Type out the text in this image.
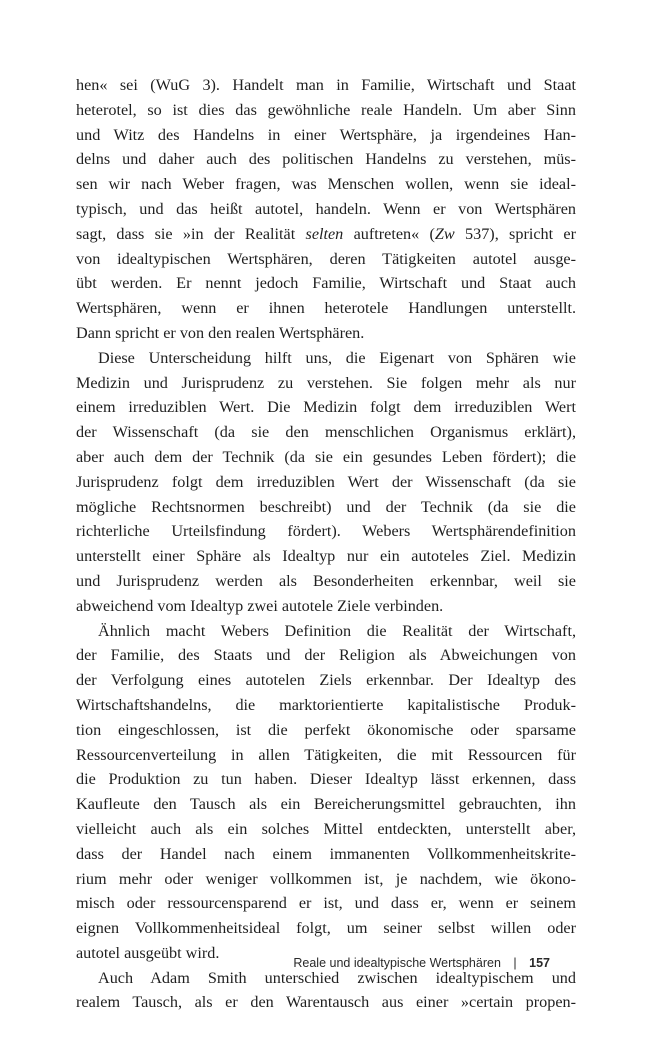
hen« sei (WuG 3). Handelt man in Familie, Wirtschaft und Staat
heterotel, so ist dies das gewöhnliche reale Handeln. Um aber Sinn
und Witz des Handelns in einer Wertsphäre, ja irgendeines Han-
delns und daher auch des politischen Handelns zu verstehen, müs-
sen wir nach Weber fragen, was Menschen wollen, wenn sie ideal-
typisch, und das heißt autotel, handeln. Wenn er von Wertsphären
sagt, dass sie »in der Realität selten auftreten« (Zw 537), spricht er
von idealtypischen Wertsphären, deren Tätigkeiten autotel ausge-
übt werden. Er nennt jedoch Familie, Wirtschaft und Staat auch
Wertsphären, wenn er ihnen heterotele Handlungen unterstellt.
Dann spricht er von den realen Wertsphären.
Diese Unterscheidung hilft uns, die Eigenart von Sphären wie
Medizin und Jurisprudenz zu verstehen. Sie folgen mehr als nur
einem irreduziblen Wert. Die Medizin folgt dem irreduziblen Wert
der Wissenschaft (da sie den menschlichen Organismus erklärt),
aber auch dem der Technik (da sie ein gesundes Leben fördert); die
Jurisprudenz folgt dem irreduziblen Wert der Wissenschaft (da sie
mögliche Rechtsnormen beschreibt) und der Technik (da sie die
richterliche Urteilsfindung fördert). Webers Wertsphärendefinition
unterstellt einer Sphäre als Idealtyp nur ein autoteles Ziel. Medizin
und Jurisprudenz werden als Besonderheiten erkennbar, weil sie
abweichend vom Idealtyp zwei autotele Ziele verbinden.
Ähnlich macht Webers Definition die Realität der Wirtschaft,
der Familie, des Staats und der Religion als Abweichungen von
der Verfolgung eines autotelen Ziels erkennbar. Der Idealtyp des
Wirtschaftshandelns, die marktorientierte kapitalistische Produk-
tion eingeschlossen, ist die perfekt ökonomische oder sparsame
Ressourcenverteilung in allen Tätigkeiten, die mit Ressourcen für
die Produktion zu tun haben. Dieser Idealtyp lässt erkennen, dass
Kaufleute den Tausch als ein Bereicherungsmittel gebrauchten, ihn
vielleicht auch als ein solches Mittel entdeckten, unterstellt aber,
dass der Handel nach einem immanenten Vollkommenheitskrite-
rium mehr oder weniger vollkommen ist, je nachdem, wie ökono-
misch oder ressourcensparend er ist, und dass er, wenn er seinem
eignen Vollkommenheitsideal folgt, um seiner selbst willen oder
autotel ausgeübt wird.
Auch Adam Smith unterschied zwischen idealtypischem und
realem Tausch, als er den Warentausch aus einer »certain propen-
Reale und idealtypische Wertsphären | 157
